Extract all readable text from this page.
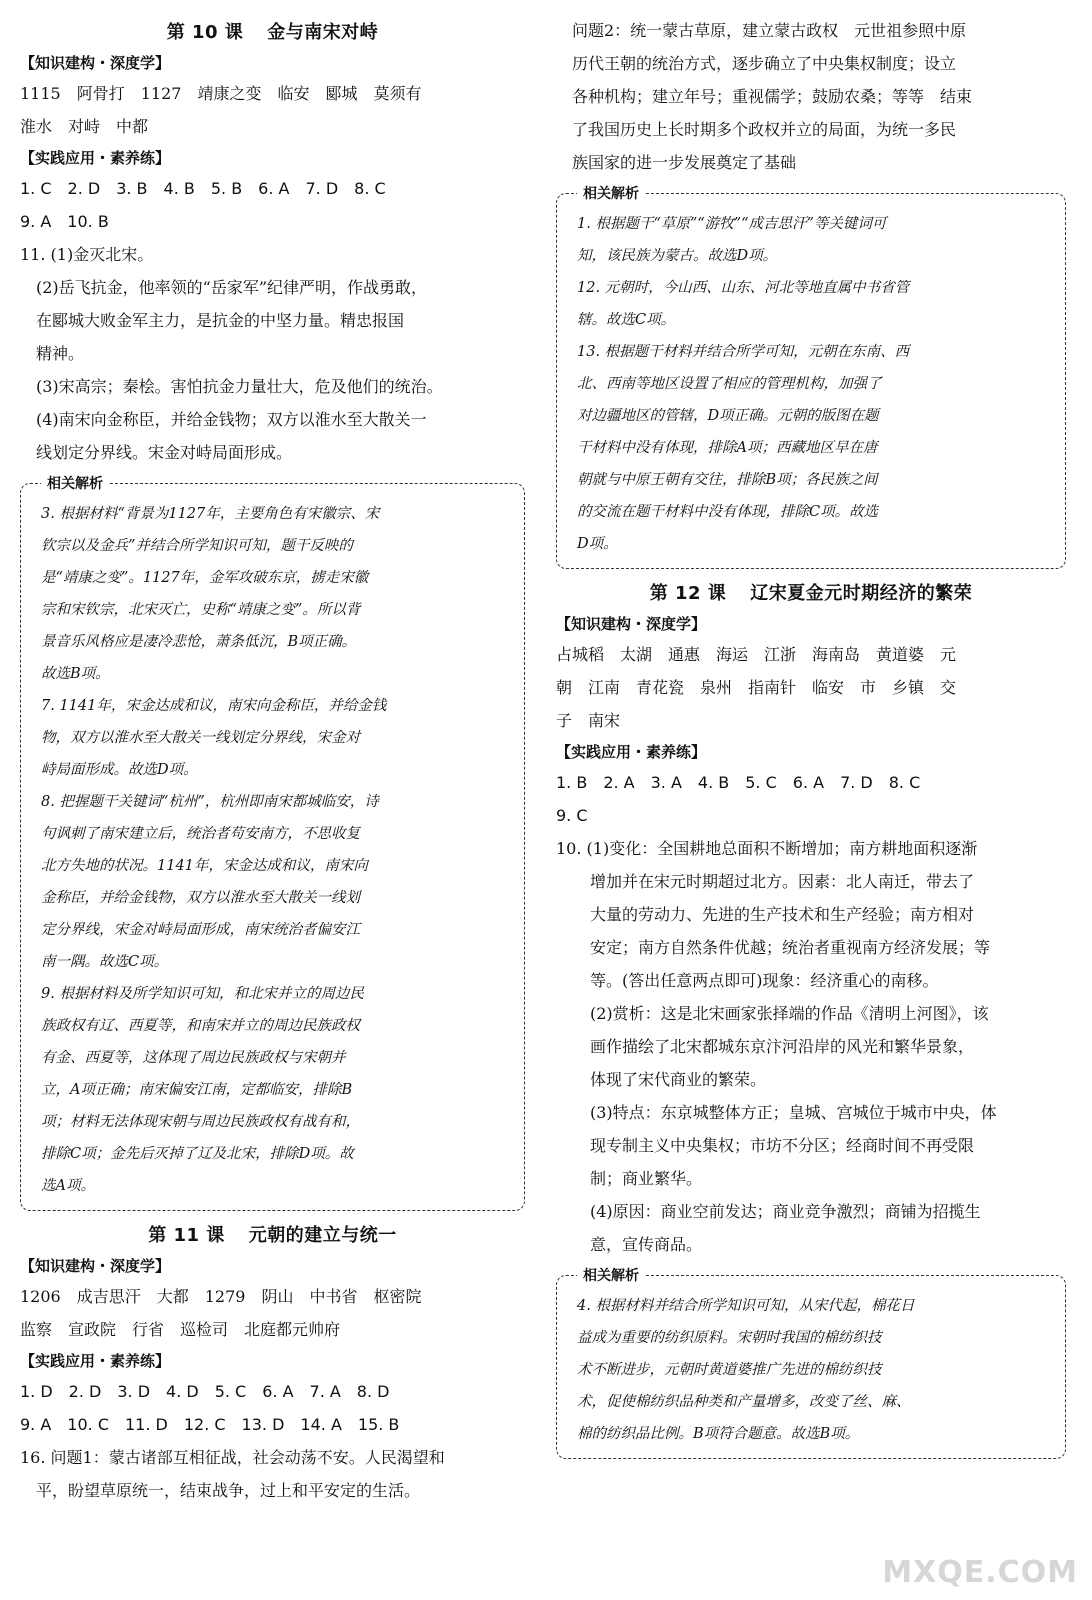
第 10 课 金与南宋对峙
【知识建构・深度学】
1115　阿骨打　1127　靖康之变　临安　郾城　莫须有
淮水　对峙　中都
【实践应用・素养练】
1. C　2. D　3. B　4. B　5. B　6. A　7. D　8. C
9. A　10. B
11. (1)金灭北宋。
(2)岳飞抗金，他率领的“岳家军”纪律严明，作战勇敢，
在郾城大败金军主力，是抗金的中坚力量。精忠报国
精神。
(3)宋高宗；秦桧。害怕抗金力量壮大，危及他们的统治。
(4)南宋向金称臣，并给金钱物；双方以淮水至大散关一
线划定分界线。宋金对峙局面形成。
相关解析
3. 根据材料“背景为1127年，主要角色有宋徽宗、宋
钦宗以及金兵”并结合所学知识可知，题干反映的
是“靖康之变”。1127年，金军攻破东京，掳走宋徽
宗和宋钦宗，北宋灭亡，史称“靖康之变”。所以背
景音乐风格应是凄冷悲怆，萧条低沉，B项正确。
故选B项。
7. 1141年，宋金达成和议，南宋向金称臣，并给金钱
物，双方以淮水至大散关一线划定分界线，宋金对
峙局面形成。故选D项。
8. 把握题干关键词“杭州”，杭州即南宋都城临安，诗
句讽刺了南宋建立后，统治者苟安南方，不思收复
北方失地的状况。1141年，宋金达成和议，南宋向
金称臣，并给金钱物，双方以淮水至大散关一线划
定分界线，宋金对峙局面形成，南宋统治者偏安江
南一隅。故选C项。
9. 根据材料及所学知识可知，和北宋并立的周边民
族政权有辽、西夏等，和南宋并立的周边民族政权
有金、西夏等，这体现了周边民族政权与宋朝并
立，A项正确；南宋偏安江南，定都临安，排除B
项；材料无法体现宋朝与周边民族政权有战有和，
排除C项；金先后灭掉了辽及北宋，排除D项。故
选A项。
第 11 课 元朝的建立与统一
【知识建构・深度学】
1206　成吉思汗　大都　1279　阴山　中书省　枢密院
监察　宣政院　行省　巡检司　北庭都元帅府
【实践应用・素养练】
1. D　2. D　3. D　4. D　5. C　6. A　7. A　8. D
9. A　10. C　11. D　12. C　13. D　14. A　15. B
16. 问题1：蒙古诸部互相征战，社会动荡不安。人民渴望和
平，盼望草原统一，结束战争，过上和平安定的生活。
问题2：统一蒙古草原，建立蒙古政权　元世祖参照中原
历代王朝的统治方式，逐步确立了中央集权制度；设立
各种机构；建立年号；重视儒学；鼓励农桑；等等　结束
了我国历史上长时期多个政权并立的局面，为统一多民
族国家的进一步发展奠定了基础
相关解析
1. 根据题干“草原”“游牧”“成吉思汗”等关键词可
知，该民族为蒙古。故选D项。
12. 元朝时，今山西、山东、河北等地直属中书省管
辖。故选C项。
13. 根据题干材料并结合所学可知，元朝在东南、西
北、西南等地区设置了相应的管理机构，加强了
对边疆地区的管辖，D项正确。元朝的版图在题
干材料中没有体现，排除A项；西藏地区早在唐
朝就与中原王朝有交往，排除B项；各民族之间
的交流在题干材料中没有体现，排除C项。故选
D项。
第 12 课 辽宋夏金元时期经济的繁荣
【知识建构・深度学】
占城稻　太湖　通惠　海运　江浙　海南岛　黄道婆　元
朝　江南　青花瓷　泉州　指南针　临安　市　乡镇　交
子　南宋
【实践应用・素养练】
1. B　2. A　3. A　4. B　5. C　6. A　7. D　8. C
9. C
10. (1)变化：全国耕地总面积不断增加；南方耕地面积逐渐
增加并在宋元时期超过北方。因素：北人南迁，带去了
大量的劳动力、先进的生产技术和生产经验；南方相对
安定；南方自然条件优越；统治者重视南方经济发展；等
等。(答出任意两点即可)现象：经济重心的南移。
(2)赏析：这是北宋画家张择端的作品《清明上河图》，该
画作描绘了北宋都城东京汴河沿岸的风光和繁华景象，
体现了宋代商业的繁荣。
(3)特点：东京城整体方正；皇城、宫城位于城市中央，体
现专制主义中央集权；市坊不分区；经商时间不再受限
制；商业繁华。
(4)原因：商业空前发达；商业竞争激烈；商铺为招揽生
意，宣传商品。
相关解析
4. 根据材料并结合所学知识可知，从宋代起，棉花日
益成为重要的纺织原料。宋朝时我国的棉纺织技
术不断进步，元朝时黄道婆推广先进的棉纺织技
术，促使棉纺织品种类和产量增多，改变了丝、麻、
棉的纺织品比例。B项符合题意。故选B项。
MXQE.COM
